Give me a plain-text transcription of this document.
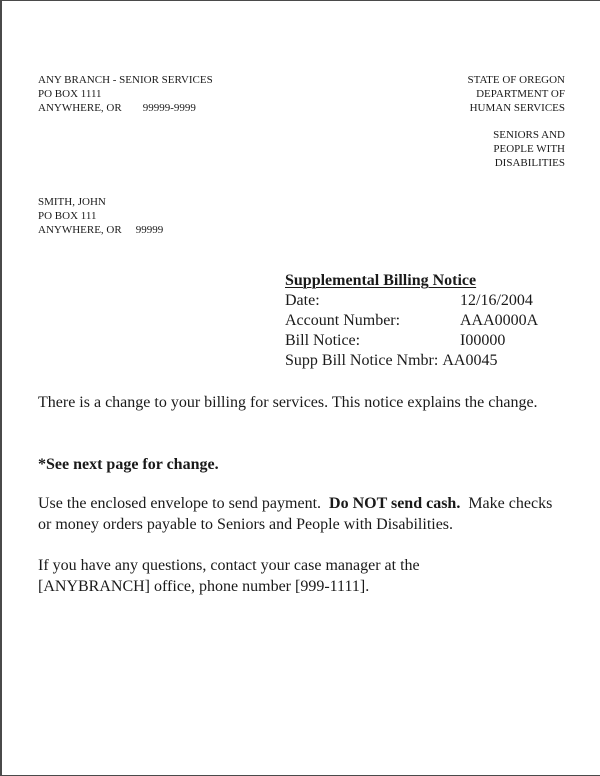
ANY BRANCH - SENIOR SERVICES
PO BOX 1111
ANYWHERE, OR 99999-9999
STATE OF OREGON
DEPARTMENT OF
HUMAN SERVICES
SENIORS AND
PEOPLE WITH
DISABILITIES
SMITH, JOHN
PO BOX 111
ANYWHERE, OR 99999
Supplemental Billing Notice
Date:	12/16/2004
Account Number:	AAA0000A
Bill Notice:	I00000
Supp Bill Notice Nmbr: AA0045
There is a change to your billing for services. This notice explains the change.
*See next page for change.
Use the enclosed envelope to send payment.  Do NOT send cash.  Make checks or money orders payable to Seniors and People with Disabilities.
If you have any questions, contact your case manager at the [ANYBRANCH] office, phone number [999-1111].
